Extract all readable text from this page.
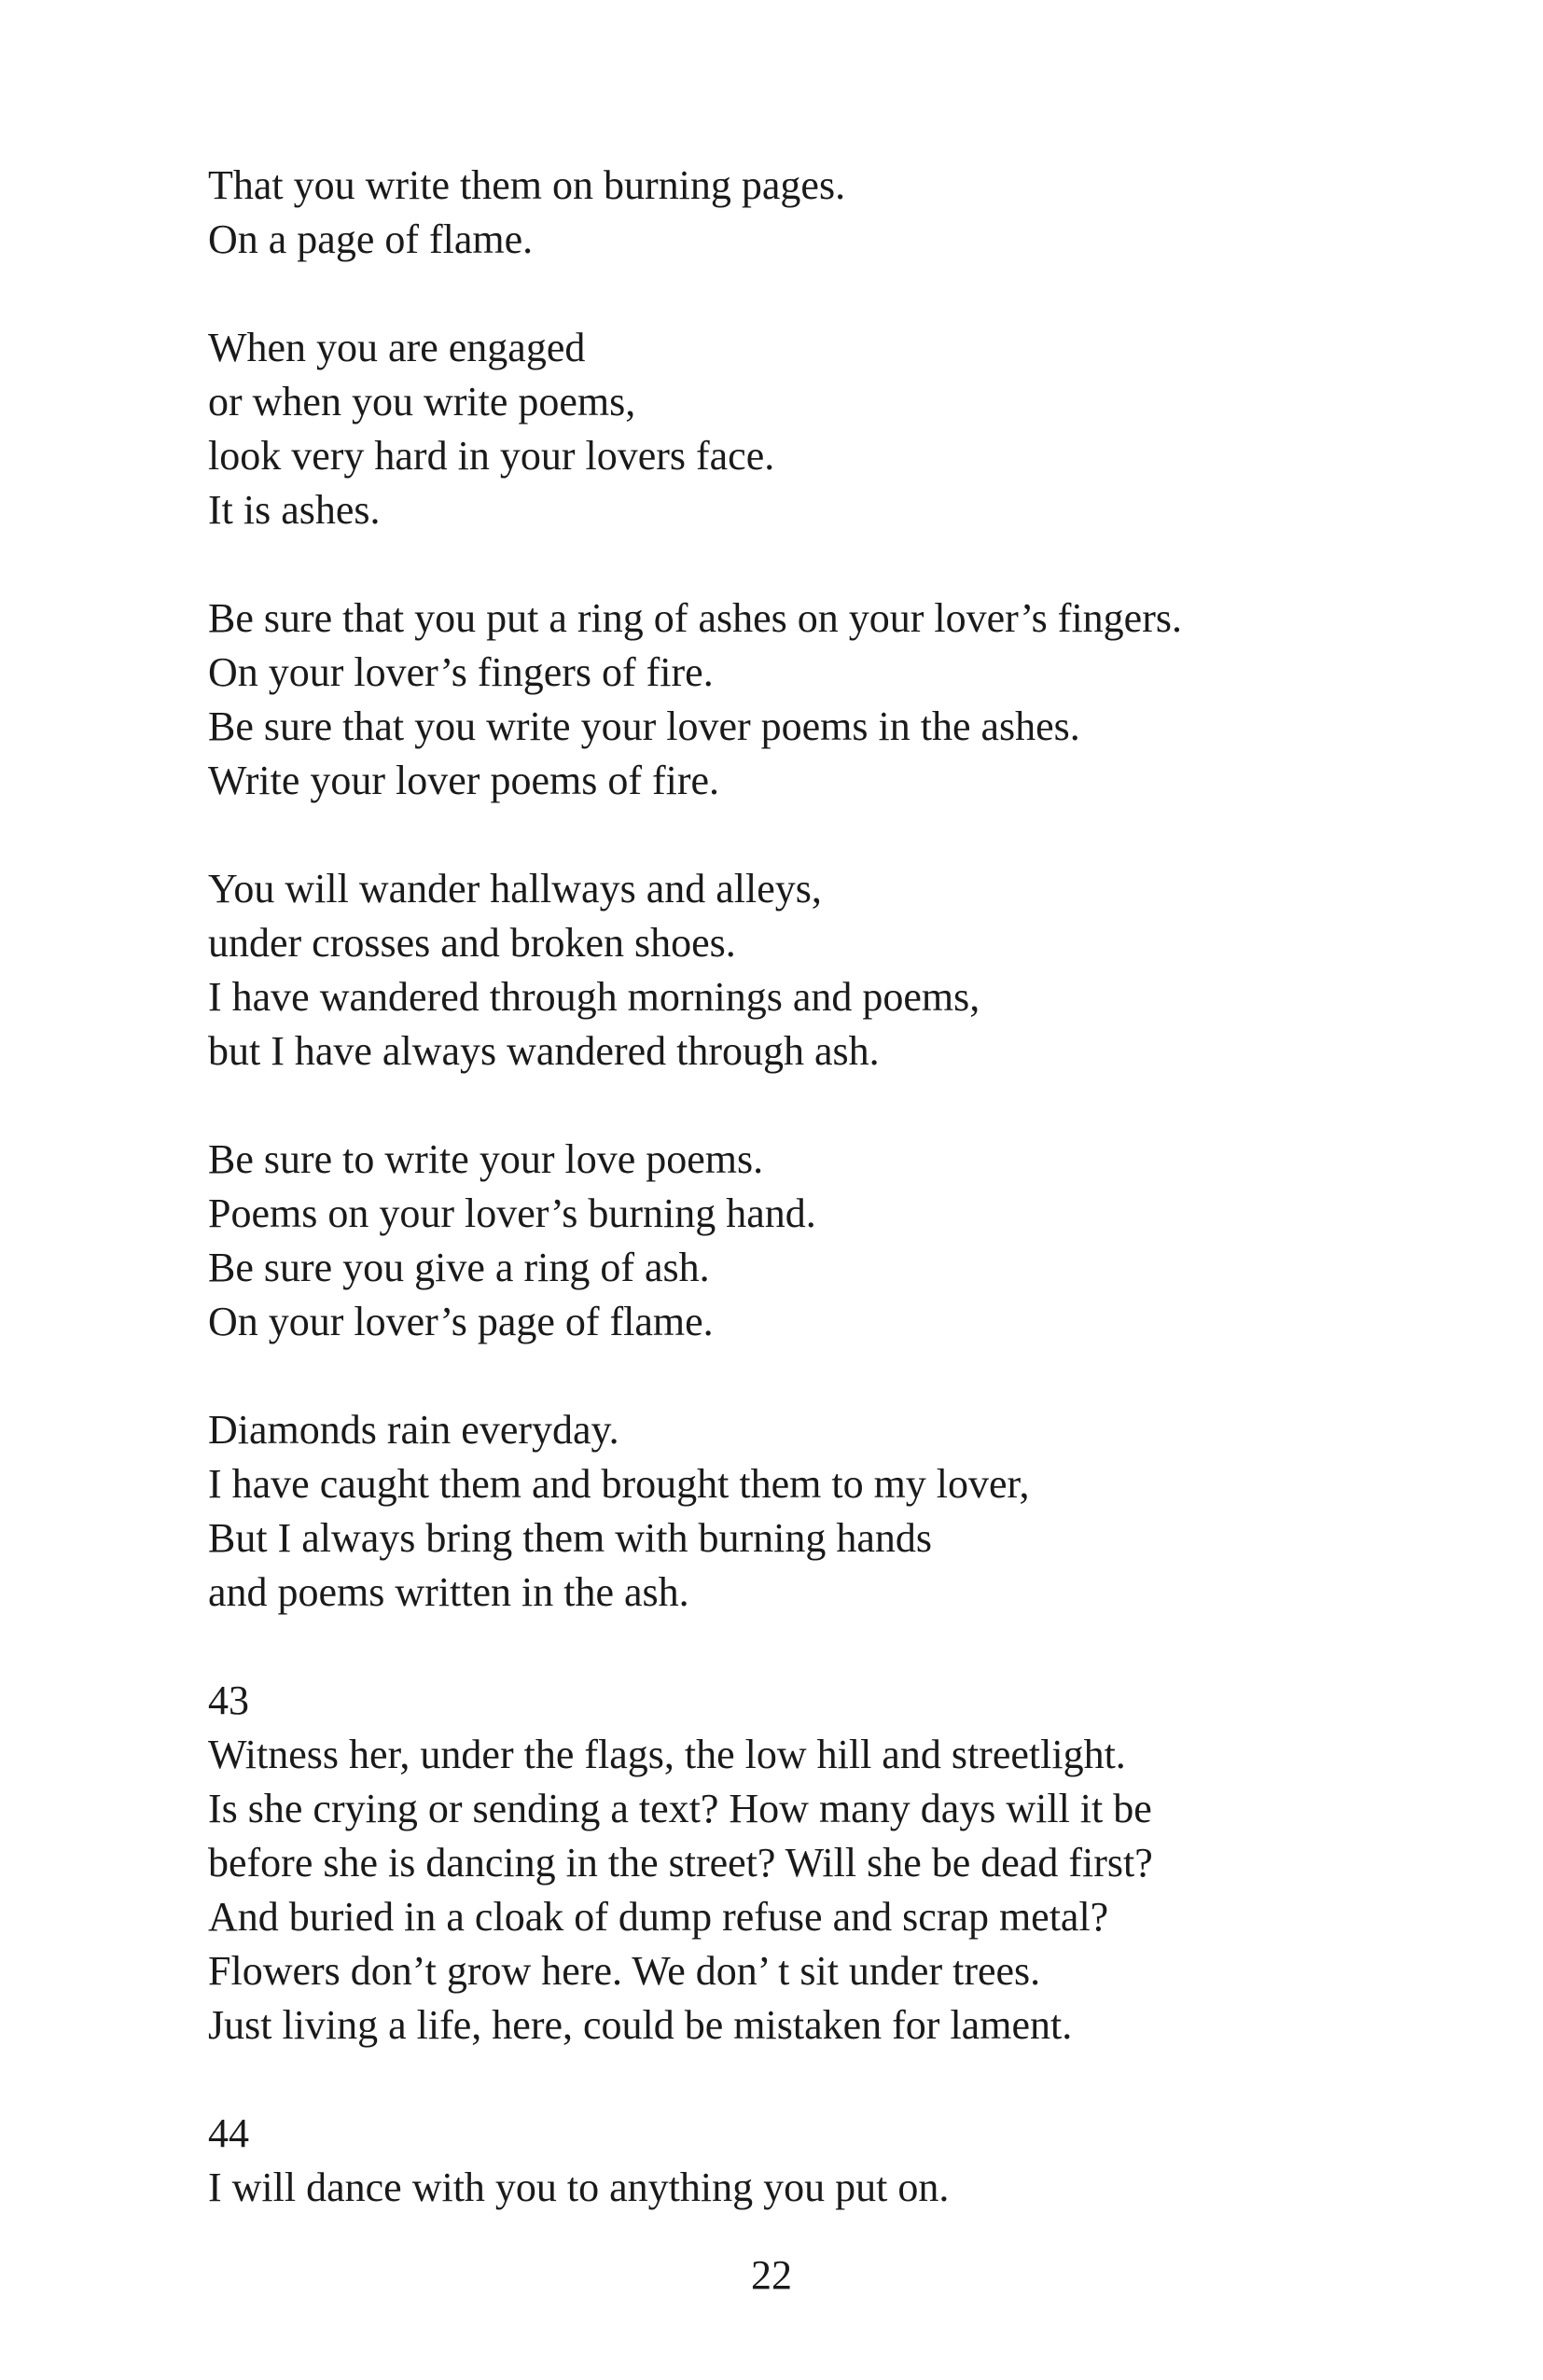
That you write them on burning pages.
On a page of flame.
When you are engaged
or when you write poems,
look very hard in your lovers face.
It is ashes.
Be sure that you put a ring of ashes on your lover’s fingers.
On your lover’s fingers of fire.
Be sure that you write your lover poems in the ashes.
Write your lover poems of fire.
You will wander hallways and alleys,
under crosses and broken shoes.
I have wandered through mornings and poems,
but I have always wandered through ash.
Be sure to write your love poems.
Poems on your lover’s burning hand.
Be sure you give a ring of ash.
On your lover’s page of flame.
Diamonds rain everyday.
I have caught them and brought them to my lover,
But I always bring them with burning hands
and poems written in the ash.
43
Witness her, under the flags, the low hill and streetlight.
Is she crying or sending a text? How many days will it be
before she is dancing in the street? Will she be dead first?
And buried in a cloak of dump refuse and scrap metal?
Flowers don’t grow here. We don’ t sit under trees.
Just living a life, here, could be mistaken for lament.
44
I will dance with you to anything you put on.
22
